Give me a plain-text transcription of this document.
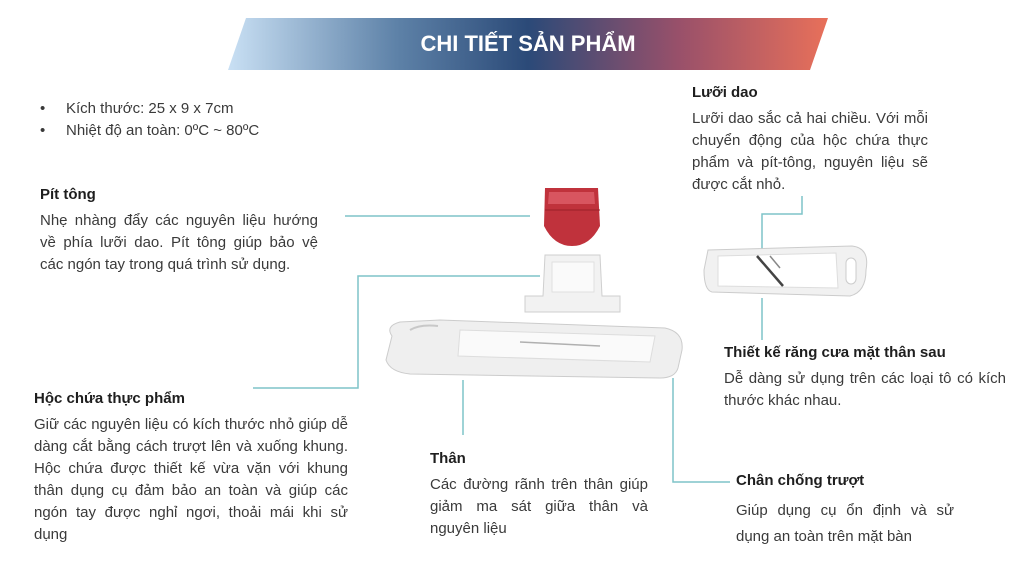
CHI TIẾT SẢN PHẨM
• Kích thước: 25 x 9 x 7cm
• Nhiệt độ an toàn: 0ºC ~ 80ºC
Pít tông
Nhẹ nhàng đẩy các nguyên liệu hướng về phía lưỡi dao. Pít tông giúp bảo vệ các ngón tay trong quá trình sử dụng.
Hộc chứa thực phẩm
Giữ các nguyên liệu có kích thước nhỏ giúp dễ dàng cắt bằng cách trượt lên và xuống khung. Hộc chứa được thiết kế vừa vặn với khung thân dụng cụ đảm bảo an toàn và giúp các ngón tay được nghỉ ngơi, thoải mái khi sử dụng
Thân
Các đường rãnh trên thân giúp giảm ma sát giữa thân và nguyên liệu
Lưỡi dao
Lưỡi dao sắc cả hai chiều. Với mỗi chuyển động của hộc chứa thực phẩm và pít-tông, nguyên liệu sẽ được cắt nhỏ.
Thiết kế răng cưa mặt thân sau
Dễ dàng sử dụng trên các loại tô có kích thước khác nhau.
Chân chống trượt
Giúp dụng cụ ổn định và sử dụng an toàn trên mặt bàn
